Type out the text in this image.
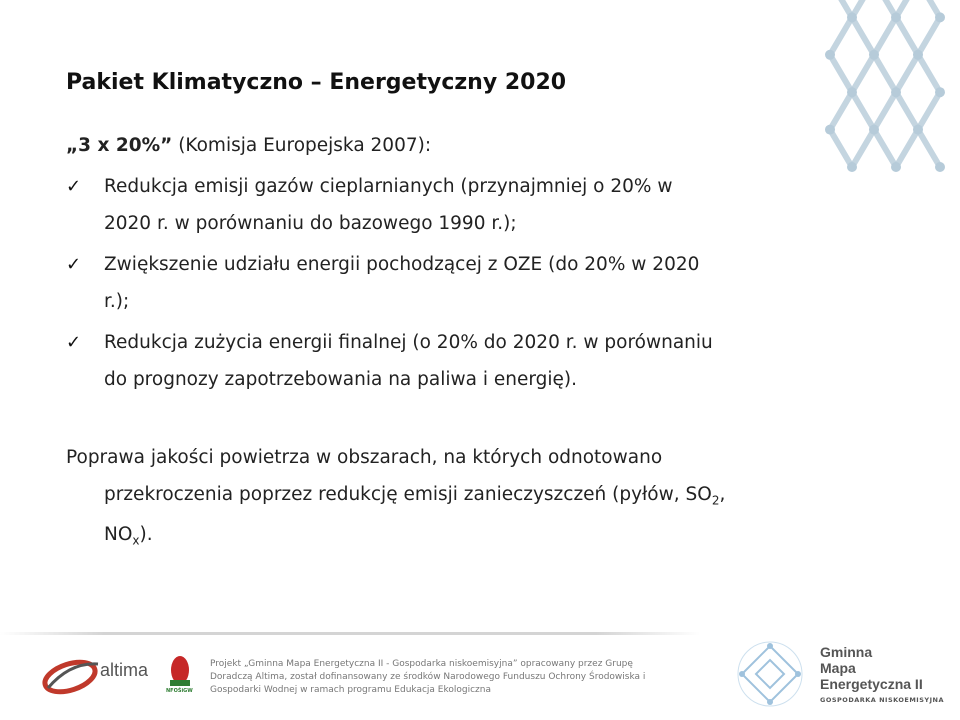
Pakiet Klimatyczno – Energetyczny 2020
„3 x 20%” (Komisja Europejska 2007):
✓ Redukcja emisji gazów cieplarnianych (przynajmniej o 20% w
2020 r. w porównaniu do bazowego 1990 r.);
✓ Zwiększenie udziału energii pochodzącej z OZE (do 20% w 2020
r.);
✓ Redukcja zużycia energii finalnej (o 20% do 2020 r. w porównaniu
do prognozy zapotrzebowania na paliwa i energię).
Poprawa jakości powietrza w obszarach, na których odnotowano
przekroczenia poprzez redukcję emisji zanieczyszczeń (pyłów, $SO_2$,
$NO_x$).
altima
NFOŚiGW
Projekt „Gminna Mapa Energetyczna II - Gospodarka niskoemisyjna” opracowany przez Grupę Doradczą Altima, został dofinansowany ze środków Narodowego Funduszu Ochrony Środowiska i Gospodarki Wodnej w ramach programu Edukacja Ekologiczna
Gminna
Mapa
Energetyczna II
GOSPODARKA NISKOEMISYJNA
